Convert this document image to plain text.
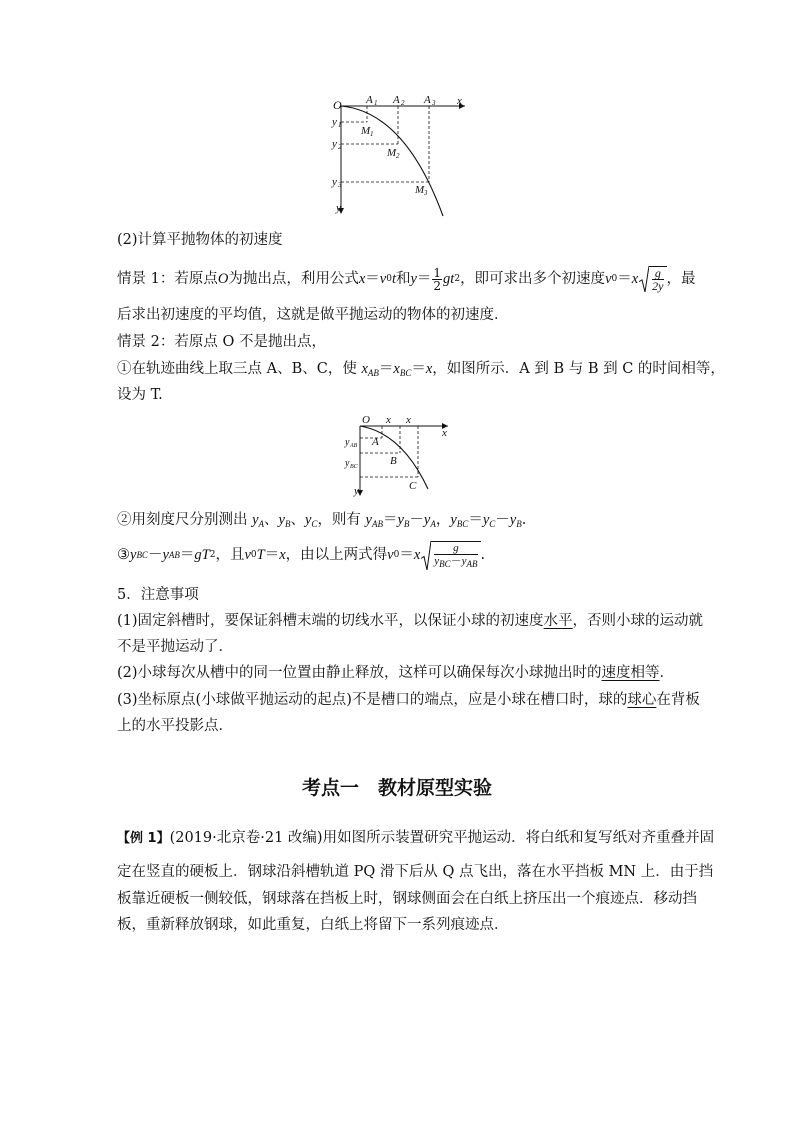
O	x
y
A 1 A 2 A 3
y 1
y 2
y 3
M 1
M 2
M 3
(2)计算平抛物体的初速度
情景 1：若原点 O 为抛出点，利用公式 x ＝ v 0 t 和 $y = \frac{1}{2}$ gt 2 ，即可求出多个初速度 v 0 ＝ x $\frac{g}{2y}$ ，最
后求出初速度的平均值，这就是做平抛运动的物体的初速度．
情景 2：若原点 O 不是抛出点，
①在轨迹曲线上取三点 A、B、C，使 $x_{AB}=x_{BC}=x$，如图所示．A 到 B 与 B 到 C 的时间相等，
设为 T.
O x x
x
y
A
B
C
y AB
y BC
②用刻度尺分别测出 $y_A$、$y_B$、$y_C$，则有 $y_{AB}=y_B-y_A$，$y_{BC}=y_C-y_B$.
③ y BC － y AB ＝ gT 2 ，且 v 0 T ＝ x ，由以上两式得 v 0 ＝ x $\frac{g}{y_{BC}-y_{AB}}$ .
5．注意事项
(1)固定斜槽时，要保证斜槽末端的切线水平，以保证小球的初速度水平，否则小球的运动就
不是平抛运动了．
(2)小球每次从槽中的同一位置由静止释放，这样可以确保每次小球抛出时的速度相等．
(3)坐标原点(小球做平抛运动的起点)不是槽口的端点，应是小球在槽口时，球的球心在背板
上的水平投影点．
考点一　教材原型实验
【例 1】(2019·北京卷·21 改编)用如图所示装置研究平抛运动．将白纸和复写纸对齐重叠并固
定在竖直的硬板上．钢球沿斜槽轨道 PQ 滑下后从 Q 点飞出，落在水平挡板 MN 上．由于挡
板靠近硬板一侧较低，钢球落在挡板上时，钢球侧面会在白纸上挤压出一个痕迹点．移动挡
板，重新释放钢球，如此重复，白纸上将留下一系列痕迹点．
